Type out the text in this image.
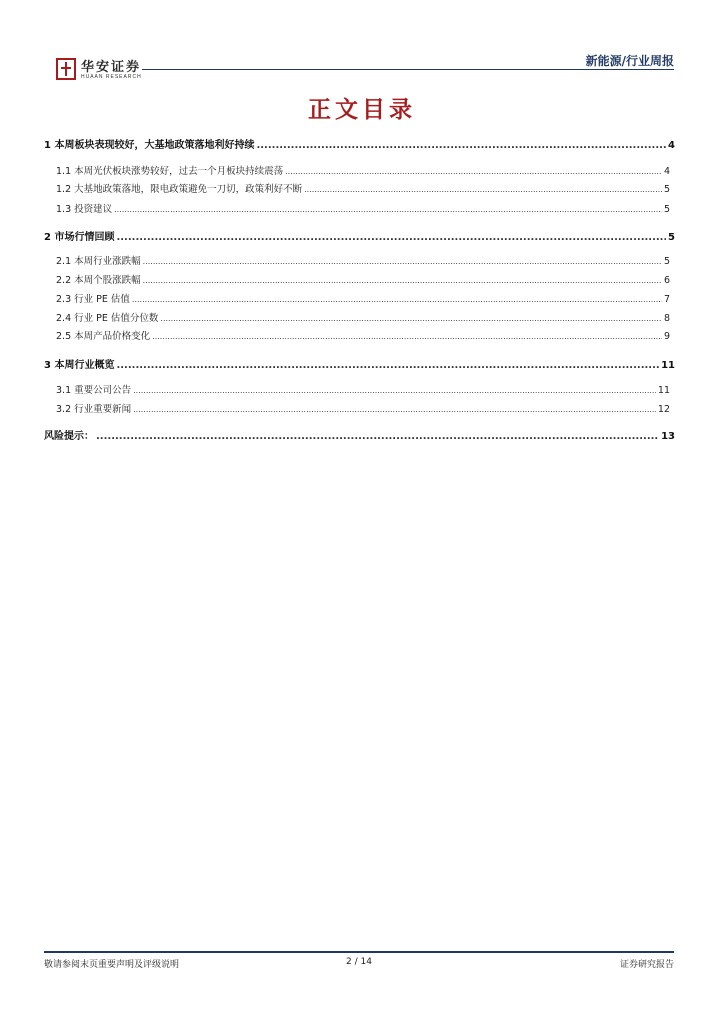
华安证券
HUAAN RESEARCH
新能源/行业周报
正文目录
1 本周板块表现较好，大基地政策落地利好持续 .....	4
1.1 本周光伏板块涨势较好，过去一个月板块持续震荡 .....	4
1.2 大基地政策落地，限电政策避免一刀切，政策利好不断 .....	5
1.3 投资建议 .....	5
2 市场行情回顾 .....	5
2.1 本周行业涨跌幅 .....	5
2.2 本周个股涨跌幅 .....	6
2.3 行业 PE 估值 .....	7
2.4 行业 PE 估值分位数 .....	8
2.5 本周产品价格变化 .....	9
3 本周行业概览 .....	11
3.1 重要公司公告 .....	11
3.2 行业重要新闻 .....	12
风险提示： .....	13
敬请参阅末页重要声明及评级说明	2 / 14	证券研究报告
